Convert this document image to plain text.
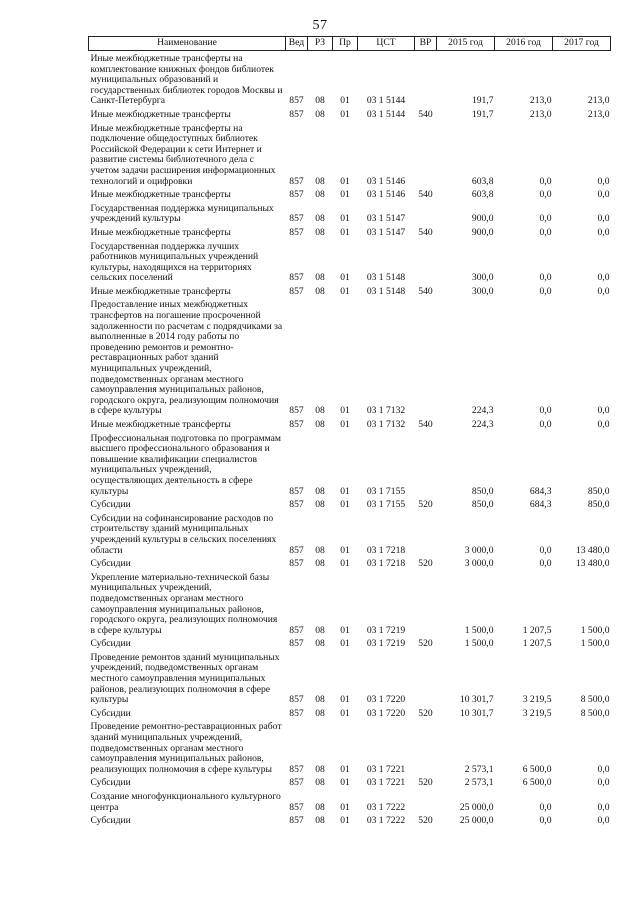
57
Наименование	Вед	РЗ	Пр	ЦСТ	ВР	2015 год	2016 год	2017 год
Иные межбюджетные трансферты на комплектование книжных фондов библиотек муниципальных образований и государственных библиотек городов Москвы и Санкт-Петербурга	857	08	01	03 1 5144		191,7	213,0	213,0
Иные межбюджетные трансферты	857	08	01	03 1 5144	540	191,7	213,0	213,0
Иные межбюджетные трансферты на подключение общедоступных библиотек Российской Федерации к сети Интернет и развитие системы библиотечного дела с учетом задачи расширения информационных технологий и оцифровки	857	08	01	03 1 5146		603,8	0,0	0,0
Иные межбюджетные трансферты	857	08	01	03 1 5146	540	603,8	0,0	0,0
Государственная поддержка муниципальных учреждений культуры	857	08	01	03 1 5147		900,0	0,0	0,0
Иные межбюджетные трансферты	857	08	01	03 1 5147	540	900,0	0,0	0,0
Государственная поддержка лучших работников муниципальных учреждений культуры, находящихся на территориях сельских поселений	857	08	01	03 1 5148		300,0	0,0	0,0
Иные межбюджетные трансферты	857	08	01	03 1 5148	540	300,0	0,0	0,0
Предоставление иных межбюджетных трансфертов на погашение просроченной задолженности по расчетам с подрядчиками за выполненные в 2014 году работы по проведению ремонтов и ремонтно-реставрационных работ зданий муниципальных учреждений, подведомственных органам местного самоуправления муниципальных районов, городского округа, реализующим полномочия в сфере культуры	857	08	01	03 1 7132		224,3	0,0	0,0
Иные межбюджетные трансферты	857	08	01	03 1 7132	540	224,3	0,0	0,0
Профессиональная подготовка по программам высшего профессионального образования и повышение квалификации специалистов муниципальных учреждений, осуществляющих деятельность в сфере культуры	857	08	01	03 1 7155		850,0	684,3	850,0
Субсидии	857	08	01	03 1 7155	520	850,0	684,3	850,0
Субсидии на софинансирование расходов по строительству зданий муниципальных учреждений культуры в сельских поселениях области	857	08	01	03 1 7218		3 000,0	0,0	13 480,0
Субсидии	857	08	01	03 1 7218	520	3 000,0	0,0	13 480,0
Укрепление материально-технической базы муниципальных учреждений, подведомственных органам местного самоуправления муниципальных районов, городского округа, реализующих полномочия в сфере культуры	857	08	01	03 1 7219		1 500,0	1 207,5	1 500,0
Субсидии	857	08	01	03 1 7219	520	1 500,0	1 207,5	1 500,0
Проведение ремонтов зданий муниципальных учреждений, подведомственных органам местного самоуправления муниципальных районов, реализующих полномочия в сфере культуры	857	08	01	03 1 7220		10 301,7	3 219,5	8 500,0
Субсидии	857	08	01	03 1 7220	520	10 301,7	3 219,5	8 500,0
Проведение ремонтно-реставрационных работ зданий муниципальных учреждений, подведомственных органам местного самоуправления муниципальных районов, реализующих полномочия в сфере культуры	857	08	01	03 1 7221		2 573,1	6 500,0	0,0
Субсидии	857	08	01	03 1 7221	520	2 573,1	6 500,0	0,0
Создание многофункционального культурного центра	857	08	01	03 1 7222		25 000,0	0,0	0,0
Субсидии	857	08	01	03 1 7222	520	25 000,0	0,0	0,0
